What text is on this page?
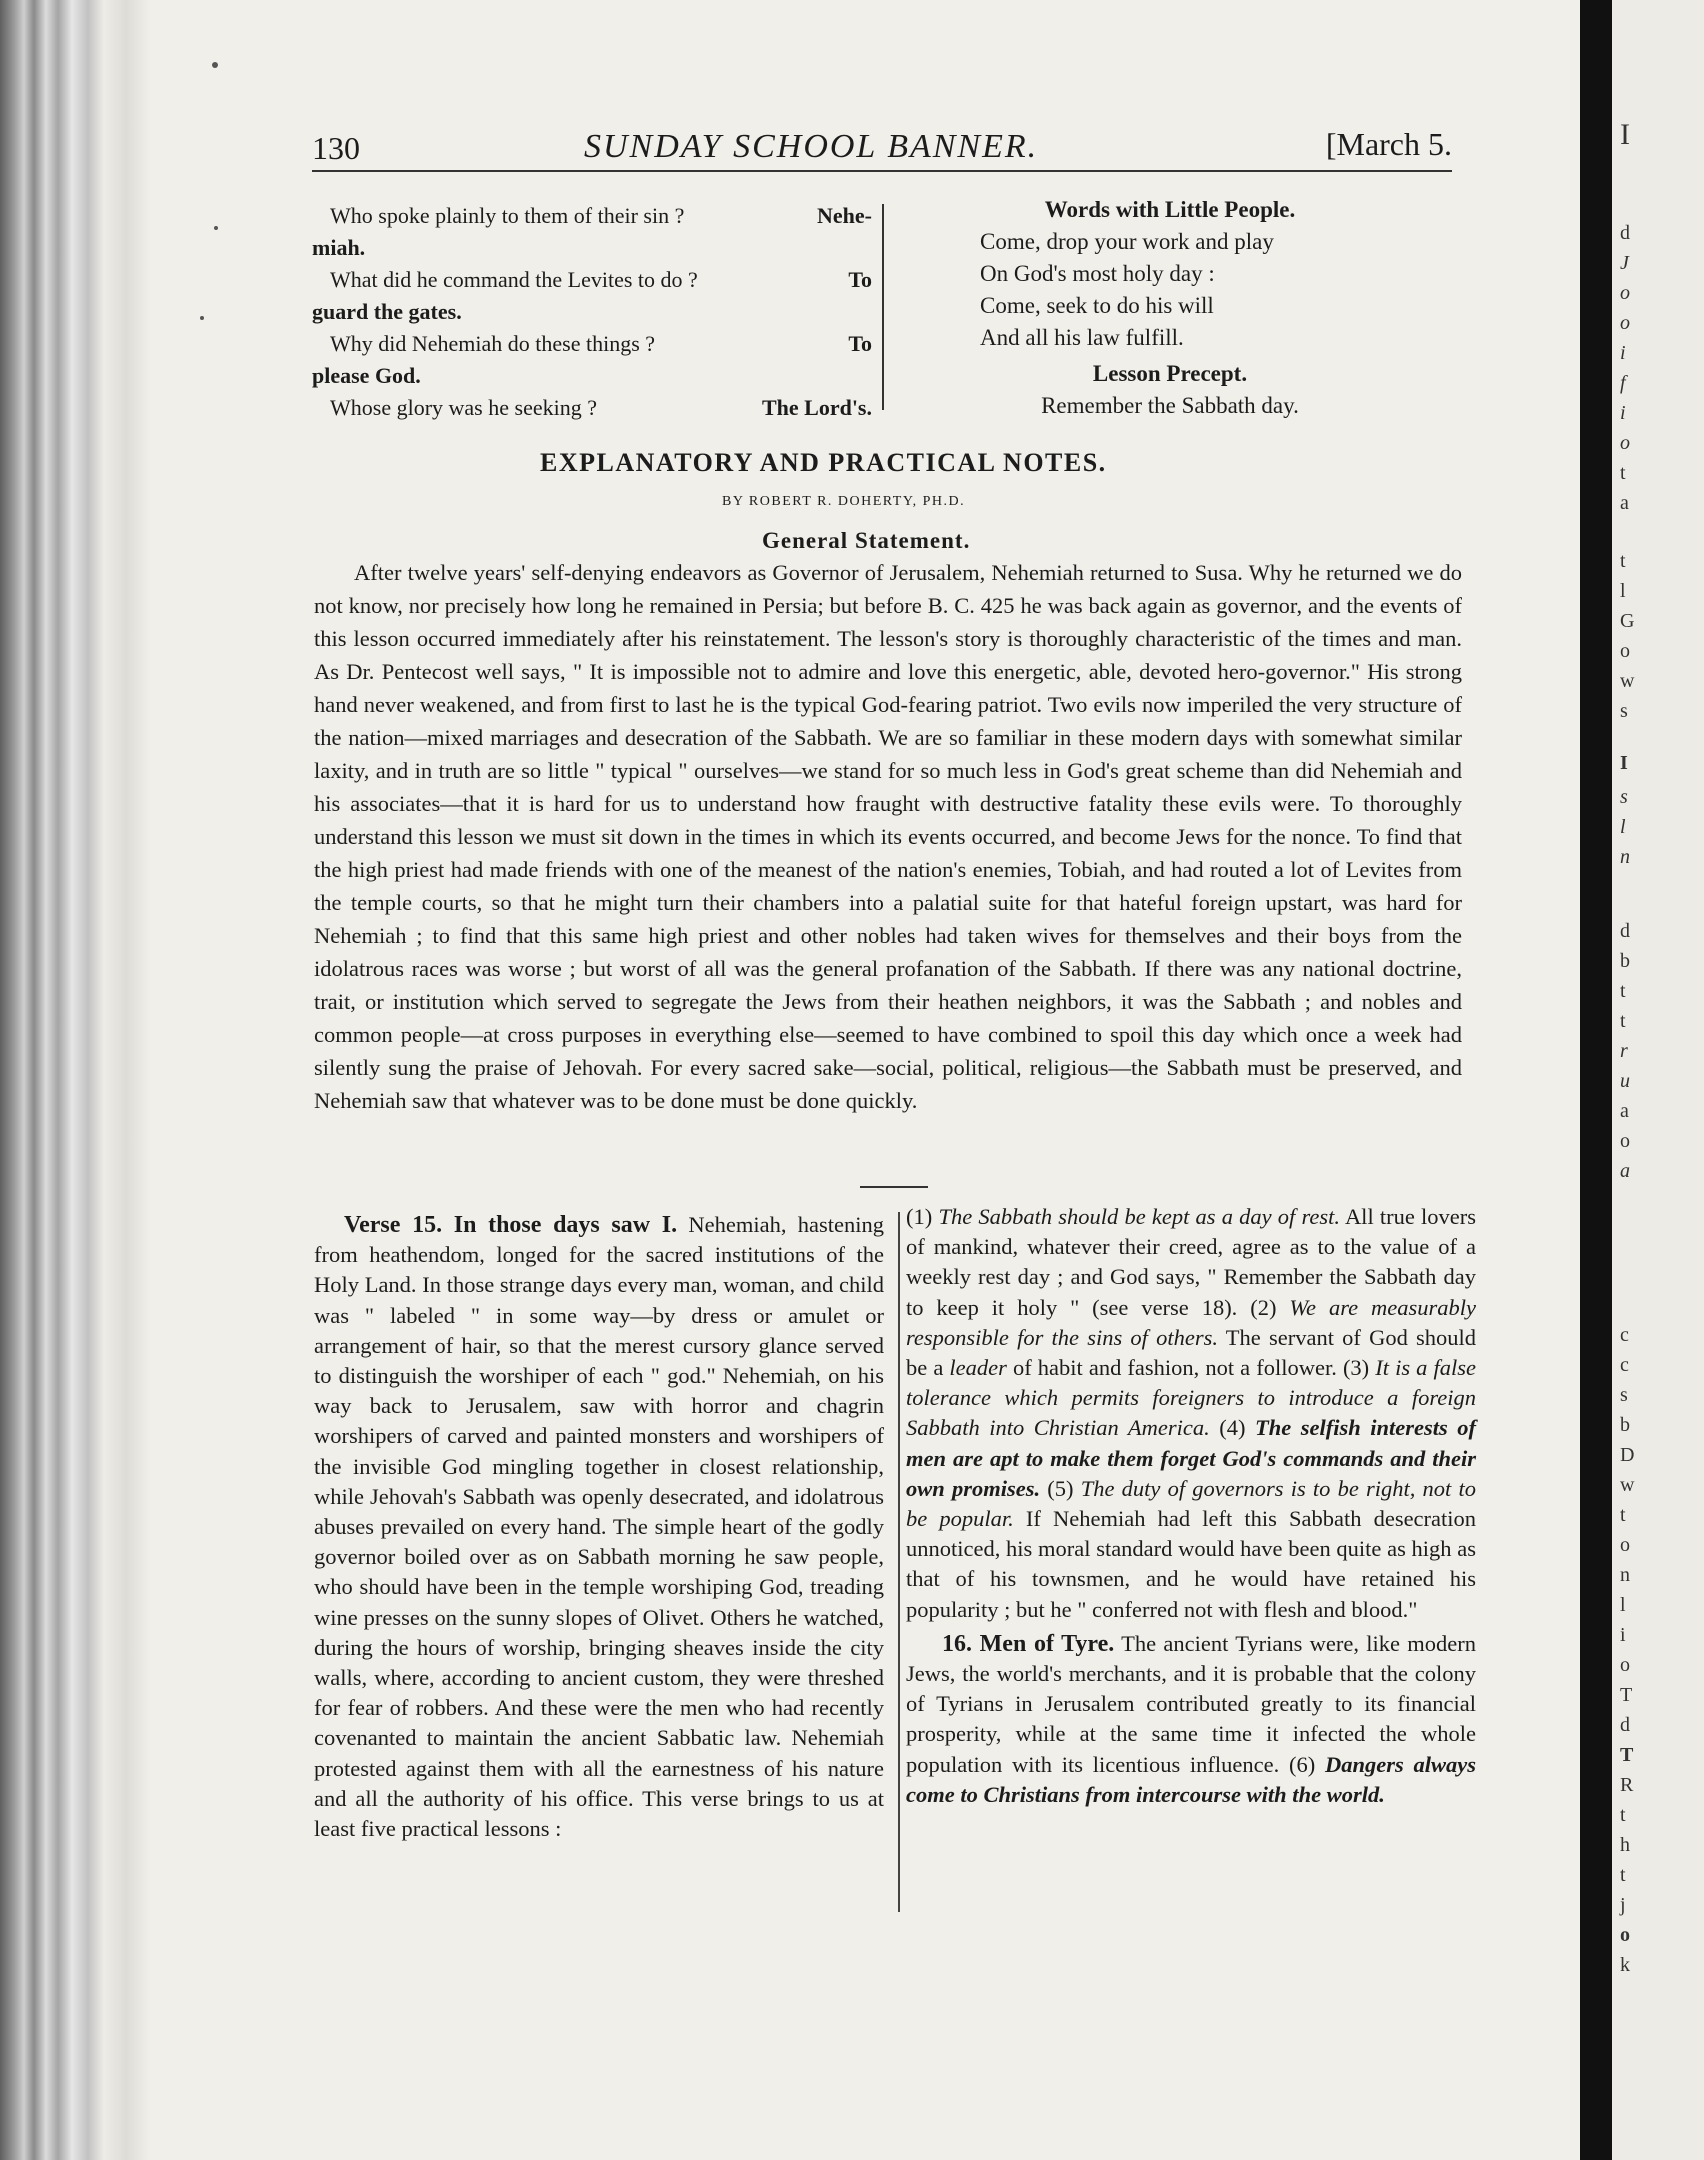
130	SUNDAY SCHOOL BANNER.	[March 5.
Who spoke plainly to them of their sin ?	Nehe-
miah.
What did he command the Levites to do ?	To
guard the gates.
Why did Nehemiah do these things ?	To
please God.
Whose glory was he seeking ?	The Lord's.
Words with Little People.
Come, drop your work and play
On God's most holy day :
Come, seek to do his will
And all his law fulfill.
Lesson Precept.
Remember the Sabbath day.
EXPLANATORY AND PRACTICAL NOTES.
BY ROBERT R. DOHERTY, PH.D.
General Statement.
After twelve years' self-denying endeavors as Governor of Jerusalem, Nehemiah returned to Susa. Why he returned we do not know, nor precisely how long he remained in Persia; but before B. C. 425 he was back again as governor, and the events of this lesson occurred immediately after his reinstatement. The lesson's story is thoroughly characteristic of the times and man. As Dr. Pentecost well says, " It is impossible not to admire and love this energetic, able, devoted hero-governor." His strong hand never weakened, and from first to last he is the typical God-fearing patriot. Two evils now imperiled the very structure of the nation—mixed marriages and desecration of the Sabbath. We are so familiar in these modern days with somewhat similar laxity, and in truth are so little " typical " ourselves—we stand for so much less in God's great scheme than did Nehemiah and his associates—that it is hard for us to understand how fraught with destructive fatality these evils were. To thoroughly understand this lesson we must sit down in the times in which its events occurred, and become Jews for the nonce. To find that the high priest had made friends with one of the meanest of the nation's enemies, Tobiah, and had routed a lot of Levites from the temple courts, so that he might turn their chambers into a palatial suite for that hateful foreign upstart, was hard for Nehemiah ; to find that this same high priest and other nobles had taken wives for themselves and their boys from the idolatrous races was worse ; but worst of all was the general profanation of the Sabbath. If there was any national doctrine, trait, or institution which served to segregate the Jews from their heathen neighbors, it was the Sabbath ; and nobles and common people—at cross purposes in everything else—seemed to have combined to spoil this day which once a week had silently sung the praise of Jehovah. For every sacred sake—social, political, religious—the Sabbath must be preserved, and Nehemiah saw that whatever was to be done must be done quickly.
Verse 15. In those days saw I. Nehemiah, hastening from heathendom, longed for the sacred institutions of the Holy Land. In those strange days every man, woman, and child was " labeled " in some way—by dress or amulet or arrangement of hair, so that the merest cursory glance served to distinguish the worshiper of each " god." Nehemiah, on his way back to Jerusalem, saw with horror and chagrin worshipers of carved and painted monsters and worshipers of the invisible God mingling together in closest relationship, while Jehovah's Sabbath was openly desecrated, and idolatrous abuses prevailed on every hand. The simple heart of the godly governor boiled over as on Sabbath morning he saw people, who should have been in the temple worshiping God, treading wine presses on the sunny slopes of Olivet. Others he watched, during the hours of worship, bringing sheaves inside the city walls, where, according to ancient custom, they were threshed for fear of robbers. And these were the men who had recently covenanted to maintain the ancient Sabbatic law. Nehemiah protested against them with all the earnestness of his nature and all the authority of his office. This verse brings to us at least five practical lessons :

(1) The Sabbath should be kept as a day of rest. All true lovers of mankind, whatever their creed, agree as to the value of a weekly rest day ; and God says, " Remember the Sabbath day to keep it holy " (see verse 18). (2) We are measurably responsible for the sins of others. The servant of God should be a leader of habit and fashion, not a follower. (3) It is a false tolerance which permits foreigners to introduce a foreign Sabbath into Christian America. (4) The selfish interests of men are apt to make them forget God's commands and their own promises. (5) The duty of governors is to be right, not to be popular. If Nehemiah had left this Sabbath desecration unnoticed, his moral standard would have been quite as high as that of his townsmen, and he would have retained his popularity ; but he " conferred not with flesh and blood."

16. Men of Tyre. The ancient Tyrians were, like modern Jews, the world's merchants, and it is probable that the colony of Tyrians in Jerusalem contributed greatly to its financial prosperity, while at the same time it infected the whole population with its licentious influence. (6) Dangers always come to Christians from intercourse with the world.

I
d
J
o
o
i
f
i
o
t
a
t
l
G
o
w
s
I
s
l
n
d
b
t
t
r
u
a
o
a
c
c
s
b
D
w
t
o
n
l
i
o
T
d
T
R
t
h
t
j
o
k
